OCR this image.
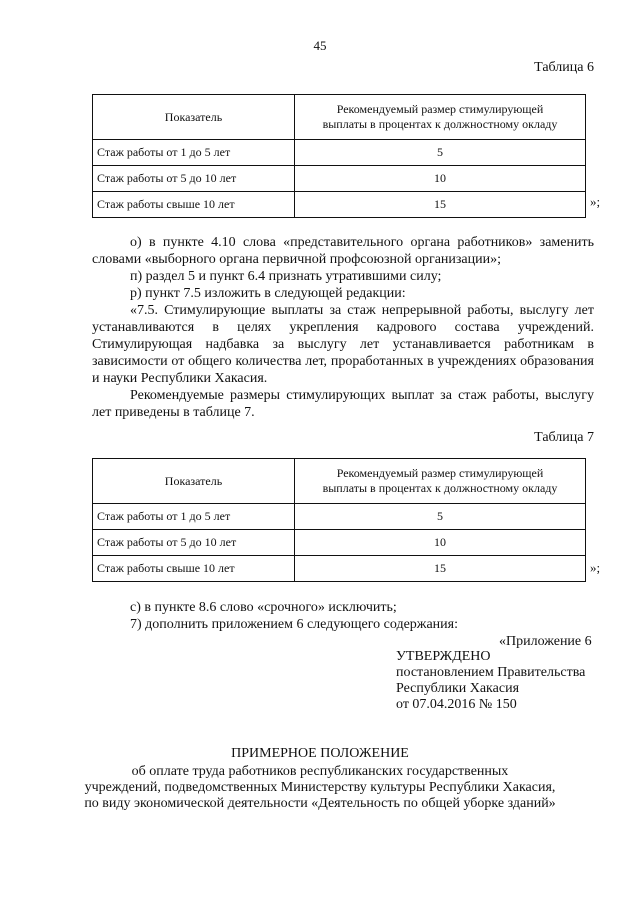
45
Таблица 6
Показатель	Рекомендуемый размер стимулирующей
выплаты в процентах к должностному окладу
Стаж работы от 1 до 5 лет	5
Стаж работы от 5 до 10 лет	10
Стаж работы свыше 10 лет	15	»;
о) в пункте 4.10 слова «представительного органа работников» заменить
словами «выборного органа первичной профсоюзной организации»;
п) раздел 5 и пункт 6.4 признать утратившими силу;
р) пункт 7.5 изложить в следующей редакции:
«7.5. Стимулирующие выплаты за стаж непрерывной работы, выслугу лет
устанавливаются в целях укрепления кадрового состава учреждений.
Стимулирующая надбавка за выслугу лет устанавливается работникам в
зависимости от общего количества лет, проработанных в учреждениях образования
и науки Республики Хакасия.
Рекомендуемые размеры стимулирующих выплат за стаж работы, выслугу
лет приведены в таблице 7.
Таблица 7
Показатель	Рекомендуемый размер стимулирующей
выплаты в процентах к должностному окладу
Стаж работы от 1 до 5 лет	5
Стаж работы от 5 до 10 лет	10
Стаж работы свыше 10 лет	15	»;
с) в пункте 8.6 слово «срочного» исключить;
7) дополнить приложением 6 следующего содержания:
«Приложение 6
УТВЕРЖДЕНО
постановлением Правительства
Республики Хакасия
от 07.04.2016 № 150
ПРИМЕРНОЕ ПОЛОЖЕНИЕ
об оплате труда работников республиканских государственных
учреждений, подведомственных Министерству культуры Республики Хакасия,
по виду экономической деятельности «Деятельность по общей уборке зданий»
